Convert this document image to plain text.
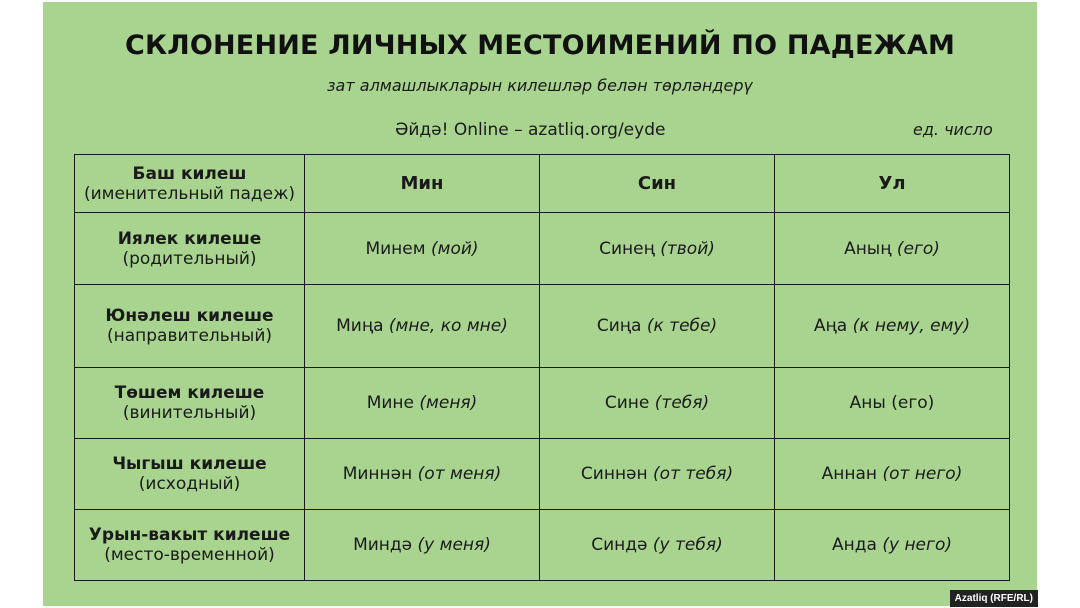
СКЛОНЕНИЕ ЛИЧНЫХ МЕСТОИМЕНИЙ ПО ПАДЕЖАМ
зат алмашлыкларын килешләр белән төрләндерү
Әйдә! Online – azatliq.org/eyde	ед. число
Баш килеш
(именительный падеж)	Мин	Син	Ул

Иялек килеше
(родительный)	Минем (мой)	Синең (твой)	Аның (его)

Юнәлеш килеше
(направительный)	Миңа (мне, ко мне)	Сиңа (к тебе)	Аңа (к нему, ему)

Төшем килеше
(винительный)	Мине (меня)	Сине (тебя)	Аны (его)

Чыгыш килеше
(исходный)	Миннән (от меня)	Синнән (от тебя)	Аннан (от него)

Урын-вакыт килеше
(место-временной)	Миндә (у меня)	Синдә (у тебя)	Анда (у него)
Azatliq (RFE/RL)
